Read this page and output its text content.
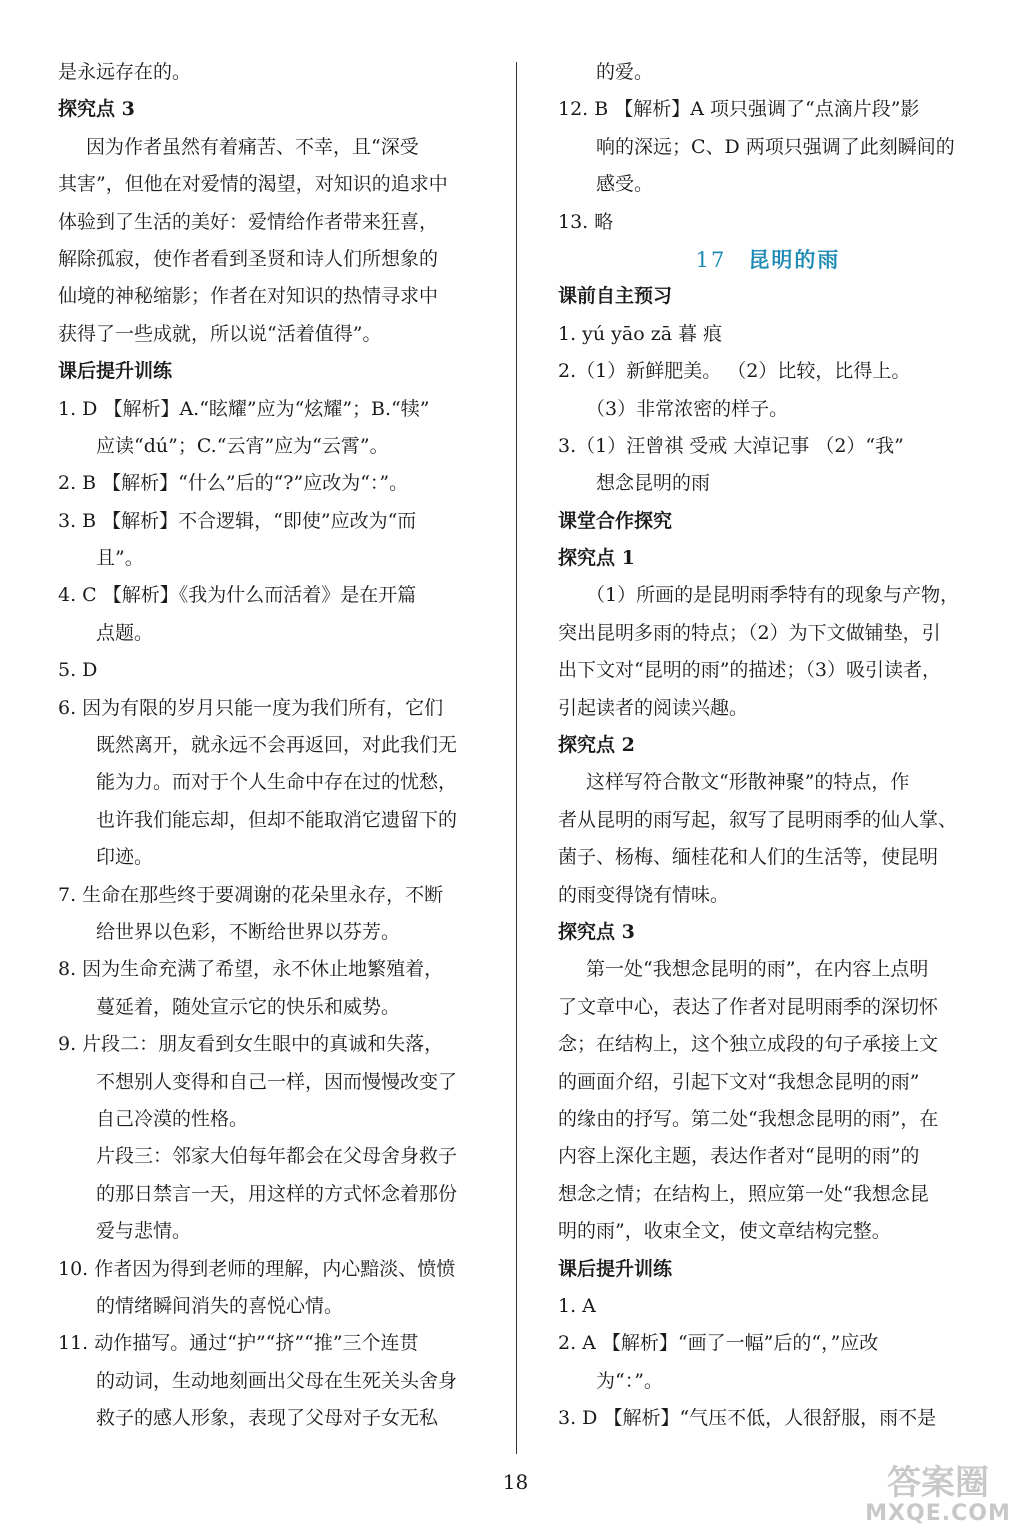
是永远存在的。
探究点 3
因为作者虽然有着痛苦、不幸，且“深受
其害”，但他在对爱情的渴望，对知识的追求中
体验到了生活的美好：爱情给作者带来狂喜，
解除孤寂，使作者看到圣贤和诗人们所想象的
仙境的神秘缩影；作者在对知识的热情寻求中
获得了一些成就，所以说“活着值得”。
课后提升训练
1. D 【解析】A.“眩耀”应为“炫耀”；B.“犊”
应读“dú”；C.“云宵”应为“云霄”。
2. B 【解析】“什么”后的“?”应改为“：”。
3. B 【解析】不合逻辑，“即使”应改为“而
且”。
4. C 【解析】《我为什么而活着》是在开篇
点题。
5. D
6. 因为有限的岁月只能一度为我们所有，它们
既然离开，就永远不会再返回，对此我们无
能为力。而对于个人生命中存在过的忧愁，
也许我们能忘却，但却不能取消它遗留下的
印迹。
7. 生命在那些终于要凋谢的花朵里永存，不断
给世界以色彩，不断给世界以芬芳。
8. 因为生命充满了希望，永不休止地繁殖着，
蔓延着，随处宣示它的快乐和威势。
9. 片段二：朋友看到女生眼中的真诚和失落，
不想别人变得和自己一样，因而慢慢改变了
自己冷漠的性格。
片段三：邻家大伯每年都会在父母舍身救子
的那日禁言一天，用这样的方式怀念着那份
爱与悲情。
10. 作者因为得到老师的理解，内心黯淡、愤愤
的情绪瞬间消失的喜悦心情。
11. 动作描写。通过“护”“挤”“推”三个连贯
的动词，生动地刻画出父母在生死关头舍身
救子的感人形象，表现了父母对子女无私
的爱。
12. B 【解析】A 项只强调了“点滴片段”影
响的深远；C、D 两项只强调了此刻瞬间的
感受。
13. 略
17 昆明的雨
课前自主预习
1. yú yāo zā 暮 痕
2.（1）新鲜肥美。 （2）比较，比得上。
（3）非常浓密的样子。
3.（1）汪曾祺 受戒 大淖记事 （2）“我”
想念昆明的雨
课堂合作探究
探究点 1
（1）所画的是昆明雨季特有的现象与产物，
突出昆明多雨的特点；（2）为下文做铺垫，引
出下文对“昆明的雨”的描述；（3）吸引读者，
引起读者的阅读兴趣。
探究点 2
这样写符合散文“形散神聚”的特点，作
者从昆明的雨写起，叙写了昆明雨季的仙人掌、
菌子、杨梅、缅桂花和人们的生活等，使昆明
的雨变得饶有情味。
探究点 3
第一处“我想念昆明的雨”，在内容上点明
了文章中心，表达了作者对昆明雨季的深切怀
念；在结构上，这个独立成段的句子承接上文
的画面介绍，引起下文对“我想念昆明的雨”
的缘由的抒写。第二处“我想念昆明的雨”，在
内容上深化主题，表达作者对“昆明的雨”的
想念之情；在结构上，照应第一处“我想念昆
明的雨”，收束全文，使文章结构完整。
课后提升训练
1. A
2. A 【解析】“画了一幅”后的“，”应改
为“：”。
3. D 【解析】“气压不低，人很舒服，雨不是
18	答案圈
MXQE.COM
